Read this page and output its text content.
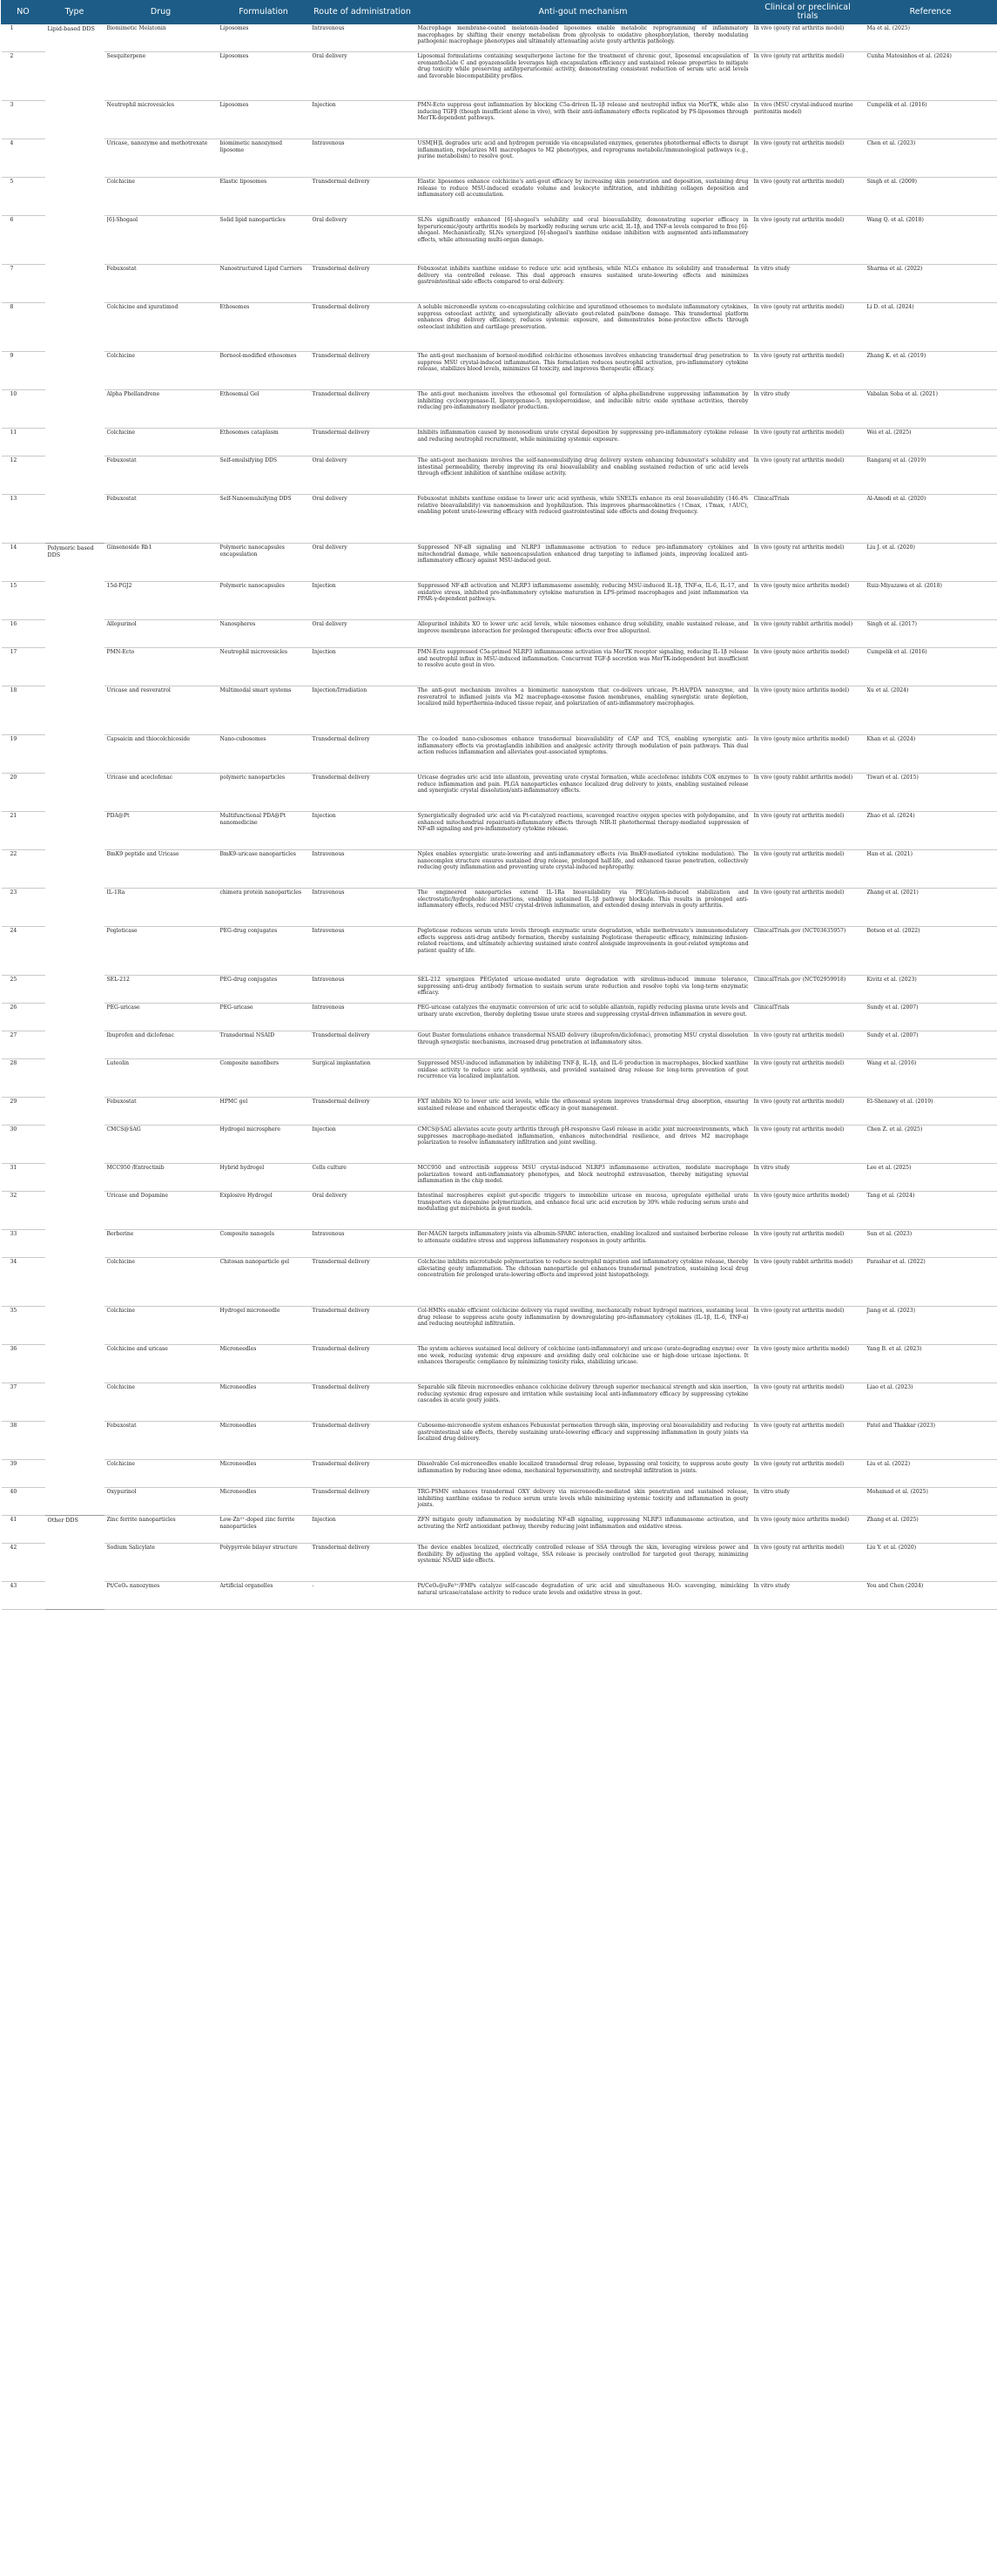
NO	Type	Drug	Formulation	Route of administration	Anti-gout mechanism	Clinical or preclinical trials	Reference
1	Lipid-based DDS	Biomimetic Melatonin	Liposomes	Intravenous	Macrophage membrane-coated melatonin-loaded liposomes enable metabolic reprogramming of inflammatory macrophages by shifting their energy metabolism from glycolysis to oxidative phosphorylation, thereby modulating pathogenic macrophage phenotypes and ultimately attenuating acute gouty arthritis pathology.	In vivo (gouty rat arthritis model)	Ma et al. (2025)
2		Sesquiterpene	Liposomes	Oral delivery	Liposomal formulations containing sesquiterpene lactone for the treatment of chronic gout, liposomal encapsulation of eremanthoLide C and goyazensolide leverages high encapsulation efficiency and sustained release properties to mitigate drug toxicity while preserving antihyperuricemic activity, demonstrating consistent reduction of serum uric acid levels and favorable biocompatibility profiles.	In vivo (gouty rat arthritis model)	Cunha Matosinhos et al. (2024)
3		Neutrophil microvesicles	Liposomes	Injection	PMN-Ecto suppress gout inflammation by blocking C5a-driven IL-1β release and neutrophil influx via MerTK, while also inducing TGFβ (though insufficient alone in vivo), with their anti-inflammatory effects replicated by PS-liposomes through MerTK-dependent pathways.	In vivo (MSU crystal-induced murine peritonitis model)	Cumpelik et al. (2016)
4		Uricase, nanozyme and methotrexate	biomimetic nanozymed liposome	Intravenous	USM[H]L degrades uric acid and hydrogen peroxide via encapsulated enzymes, generates photothermal effects to disrupt inflammation, repolarizes M1 macrophages to M2 phenotypes, and reprograms metabolic/immunological pathways (e.g., purine metabolism) to resolve gout.	In vivo (gouty rat arthritis model)	Chen et al. (2023)
5		Colchicine	Elastic liposomes	Transdermal delivery	Elastic liposomes enhance colchicine's anti-gout efficacy by increasing skin penetration and deposition, sustaining drug release to reduce MSU-induced exudate volume and leukocyte infiltration, and inhibiting collagen deposition and inflammatory cell accumulation.	In vivo (gouty rat arthritis model)	Singh et al. (2009)
6		[6]-Shogaol	Solid lipid nanoparticles	Oral delivery	SLNs significantly enhanced [6]-shogaol's solubility and oral bioavailability, demonstrating superior efficacy in hyperuricemic/gouty arthritis models by markedly reducing serum uric acid, IL-1β, and TNF-α levels compared to free [6]-shogaol. Mechanistically, SLNs synergized [6]-shogaol's xanthine oxidase inhibition with augmented anti-inflammatory effects, while attenuating multi-organ damage.	In vivo (gouty rat arthritis model)	Wang Q. et al. (2018)
7		Febuxostat	Nanostructured Lipid Carriers	Transdermal delivery	Febuxostat inhibits xanthine oxidase to reduce uric acid synthesis, while NLCs enhance its solubility and transdermal delivery via controlled release. This dual approach ensures sustained urate-lowering effects and minimizes gastrointestinal side effects compared to oral delivery.	In vitro study	Sharma et al. (2022)
8		Colchicine and iguratimod	Ethosomes	Transdermal delivery	A soluble microneedle system co-encapsulating colchicine and iguratimod ethosomes to modulate inflammatory cytokines, suppress osteoclast activity, and synergistically alleviate gout-related pain/bone damage. This transdermal platform enhances drug delivery efficiency, reduces systemic exposure, and demonstrates bone-protective effects through osteoclast inhibition and cartilage preservation.	In vivo (gouty rat arthritis model)	Li D. et al. (2024)
9		Colchicine	Borneol-modified ethosomes	Transdermal delivery	The anti-gout mechanism of borneol-modified colchicine ethosomes involves enhancing transdermal drug penetration to suppress MSU crystal-induced inflammation. This formulation reduces neutrophil activation, pro-inflammatory cytokine release, stabilizes blood levels, minimizes GI toxicity, and improves therapeutic efficacy.	In vivo (gouty rat arthritis model)	Zhang K. et al. (2019)
10		Alpha Phellandrene	Ethosomal Gel	Transdermal delivery	The anti-gout mechanism involves the ethosomal gel formulation of alpha-phellandrene suppressing inflammation by inhibiting cyclooxygenase-II, lipoxygenase-5, myeloperoxidase, and inducible nitric oxide synthase activities, thereby reducing pro-inflammatory mediator production.	In vitro study	Vabalan Soba et al. (2021)
11		Colchicine	Ethosomes cataplasm	Transdermal delivery	Inhibits inflammation caused by monosodium urate crystal deposition by suppressing pro-inflammatory cytokine release and reducing neutrophil recruitment, while minimizing systemic exposure.	In vivo (gouty rat arthritis model)	Wei et al. (2025)
12		Febuxostat	Self-emulsifying DDS	Oral delivery	The anti-gout mechanism involves the self-nanoemulsifying drug delivery system enhancing febuxostat's solubility and intestinal permeability, thereby improving its oral bioavailability and enabling sustained reduction of uric acid levels through efficient inhibition of xanthine oxidase activity.	In vivo (gouty rat arthritis model)	Rangaraj et al. (2019)
13		Febuxostat	Self-Nanoemulsifying DDS	Oral delivery	Febuxostat inhibits xanthine oxidase to lower uric acid synthesis, while SNELTs enhance its oral bioavailability (146.4% relative bioavailability) via nanoemulsion and lyophilization. This improves pharmacokinetics (↑Cmax, ↓Tmax, ↑AUC), enabling potent urate-lowering efficacy with reduced gastrointestinal side effects and dosing frequency.	ClinicalTrials	Al-Amodi et al. (2020)
14	Polymeric based DDS	Ginsenoside Rb1	Polymeric nanocapsules encapsulation	Oral delivery	Suppressed NF-κB signaling and NLRP3 inflammasome activation to reduce pro-inflammatory cytokines and mitochondrial damage, while nanoencapsulation enhanced drug targeting to inflamed joints, improving localized anti-inflammatory efficacy against MSU-induced gout.	In vivo (gouty rat arthritis model)	Liu J. et al. (2020)
15		15d-PGJ2	Polymeric nanocapsules	Injection	Suppressed NF-κB activation and NLRP3 inflammasome assembly, reducing MSU-induced IL-1β, TNF-α, IL-6, IL-17, and oxidative stress, inhibited pro-inflammatory cytokine maturation in LPS-primed macrophages and joint inflammation via PPAR-γ-dependent pathways.	In vivo (gouty mice arthritis model)	Ruiz-Miyazawa et al. (2018)
16		Allopurinol	Nanospheres	Oral delivery	Allopurinol inhibits XO to lower uric acid levels, while niosomes enhance drug solubility, enable sustained release, and improve membrane interaction for prolonged therapeutic effects over free allopurinol.	In vivo (gouty rabbit arthritis model)	Singh et al. (2017)
17		PMN-Ecto	Neutrophil microvesicles	Injection	PMN-Ecto suppressed C5a-primed NLRP3 inflammasome activation via MerTK receptor signaling, reducing IL-1β release and neutrophil influx in MSU-induced inflammation. Concurrent TGF-β secretion was MerTK-independent but insufficient to resolve acute gout in vivo.	In vivo (gouty mice arthritis model)	Cumpelik et al. (2016)
18		Uricase and resveratrol	Multimodal smart systems	Injection/Irradiation	The anti-gout mechanism involves a biomimetic nanosystem that co-delivers uricase, Pt-HA/PDA nanozyme, and resveratrol to inflamed joints via M2 macrophage-exosome fusion membranes, enabling synergistic urate depletion, localized mild hyperthermia-induced tissue repair, and polarization of anti-inflammatory macrophages.	In vivo (gouty mice arthritis model)	Xu et al. (2024)
19		Capsaicin and thiocolchicoside	Nano-cubosomes	Transdermal delivery	The co-loaded nano-cubosomes enhance transdermal bioavailability of CAP and TCS, enabling synergistic anti-inflammatory effects via prostaglandin inhibition and analgesic activity through modulation of pain pathways. This dual action reduces inflammation and alleviates gout-associated symptoms.	In vivo (gouty mice arthritis model)	Khan et al. (2024)
20		Uricase and aceclofenac	polymeric nanoparticles	Transdermal delivery	Uricase degrades uric acid into allantoin, preventing urate crystal formation, while aceclofenac inhibits COX enzymes to reduce inflammation and pain. PLGA nanoparticles enhance localized drug delivery to joints, enabling sustained release and synergistic crystal dissolution/anti-inflammatory effects.	In vivo (gouty rabbit arthritis model)	Tiwari et al. (2015)
21		PDA@Pt	Multifunctional PDA@Pt nanomedicine	Injection	Synergistically degraded uric acid via Pt-catalyzed reactions, scavenged reactive oxygen species with polydopamine, and enhanced mitochondrial repair/anti-inflammatory effects through NIR-II photothermal therapy-mediated suppression of NF-κB signaling and pro-inflammatory cytokine release.	In vivo (gouty rat arthritis model)	Zhao et al. (2024)
22		BmK9 peptide and Uricase	BmK9-uricase nanoparticles	Intravenous	Nplex enables synergistic urate-lowering and anti-inflammatory effects (via BmK9-mediated cytokine modulation). The nanocomplex structure ensures sustained drug release, prolonged half-life, and enhanced tissue penetration, collectively reducing gouty inflammation and preventing urate crystal-induced nephropathy.	In vivo (gouty rat arthritis model)	Han et al. (2021)
23		IL-1Ra	chimera protein nanoparticles	Intravenous	The engineered nanoparticles extend IL-1Ra bioavailability via PEGylation-induced stabilization and electrostatic/hydrophobic interactions, enabling sustained IL-1β pathway blockade. This results in prolonged anti-inflammatory effects, reduced MSU crystal-driven inflammation, and extended dosing intervals in gouty arthritis.	In vivo (gouty rat arthritis model)	Zhang et al. (2021)
24		Pegloticase	PEG-drug conjugates	Intravenous	Pegloticase reduces serum urate levels through enzymatic urate degradation, while methotrexate's immunomodulatory effects suppress anti-drug antibody formation, thereby sustaining Pegloticase therapeutic efficacy, minimizing infusion-related reactions, and ultimately achieving sustained urate control alongside improvements in gout-related symptoms and patient quality of life.	ClinicalTrials.gov (NCT03635957)	Botson et al. (2022)
25		SEL-212	PEG-drug conjugates	Intravenous	SEL-212 synergizes PEGylated uricase-mediated urate degradation with sirolimus-induced immune tolerance, suppressing anti-drug antibody formation to sustain serum urate reduction and resolve tophi via long-term enzymatic efficacy.	ClinicalTrials.gov (NCT02959918)	Kivitz et al. (2023)
26		PEG-uricase	PEG-uricase	Intravenous	PEG-uricase catalyzes the enzymatic conversion of uric acid to soluble allantoin, rapidly reducing plasma urate levels and urinary urate excretion, thereby depleting tissue urate stores and suppressing crystal-driven inflammation in severe gout.	ClinicalTrials	Sundy et al. (2007)
27		Ibuprofen and diclofenac	Transdermal NSAID	Transdermal delivery	Gout Buster formulations enhance transdermal NSAID delivery (ibuprofen/diclofenac), promoting MSU crystal dissolution through synergistic mechanisms, increased drug penetration at inflammatory sites.	In vivo (gouty rat arthritis model)	Sundy et al. (2007)
28		Luteolin	Composite nanofibers	Surgical implantation	Suppressed MSU-induced inflammation by inhibiting TNF-β, IL-1β, and IL-6 production in macrophages, blocked xanthine oxidase activity to reduce uric acid synthesis, and provided sustained drug release for long-term prevention of gout recurrence via localized implantation.	In vivo (gouty rat arthritis model)	Wang et al. (2016)
29		Febuxostat	HPMC gel	Transdermal delivery	FXT inhibits XO to lower uric acid levels, while the ethosomal system improves transdermal drug absorption, ensuring sustained release and enhanced therapeutic efficacy in gout management.	In vivo (gouty rat arthritis model)	El-Shenawy et al. (2019)
30		CMCS@SAG	Hydrogel microsphere	Injection	CMCS@SAG alleviates acute gouty arthritis through pH-responsive Gas6 release in acidic joint microenvironments, which suppresses macrophage-mediated inflammation, enhances mitochondrial resilience, and drives M2 macrophage polarization to resolve inflammatory infiltration and joint swelling.	In vivo (gouty rat arthritis model)	Chen Z. et al. (2025)
31		MCC950 /Entrectinib	Hybrid hydrogel	Cells culture	MCC950 and entrectinib suppress MSU crystal-induced NLRP3 inflammasome activation, modulate macrophage polarization toward anti-inflammatory phenotypes, and block neutrophil extravasation, thereby mitigating synovial inflammation in the chip model.	In vitro study	Lee et al. (2025)
32		Uricase and Dopamine	Explosive Hydrogel	Oral delivery	Intestinal microspheres exploit gut-specific triggers to immobilize uricase on mucosa, upregulate epithelial urate transporters via dopamine polymerization, and enhance fecal uric acid excretion by 30% while reducing serum urate and modulating gut microbiota in gout models.	In vivo (gouty mice arthritis model)	Tang et al. (2024)
33		Berberine	Composite nanogels	Intravenous	Ber-MAGN targets inflammatory joints via albumin-SPARC interaction, enabling localized and sustained berberine release to attenuate oxidative stress and suppress inflammatory responses in gouty arthritis.	In vivo (gouty rat arthritis model)	Sun et al. (2023)
34		Colchicine	Chitosan nanoparticle gel	Transdermal delivery	Colchicine inhibits microtubule polymerization to reduce neutrophil migration and inflammatory cytokine release, thereby alleviating gouty inflammation. The chitosan nanoparticle gel enhances transdermal penetration, sustaining local drug concentration for prolonged urate-lowering effects and improved joint histopathology.	In vivo (gouty rabbit arthritis model)	Parashar et al. (2022)
35		Colchicine	Hydrogel microneedle	Transdermal delivery	Col-HMNs enable efficient colchicine delivery via rapid swelling, mechanically robust hydrogel matrices, sustaining local drug release to suppress acute gouty inflammation by downregulating pro-inflammatory cytokines (IL-1β, IL-6, TNF-α) and reducing neutrophil infiltration.	In vivo (gouty rat arthritis model)	Jiang et al. (2023)
36		Colchicine and uricase	Microneedles	Transdermal delivery	The system achieves sustained local delivery of colchicine (anti-inflammatory) and uricase (urate-degrading enzyme) over one week, reducing systemic drug exposure and avoiding daily oral colchicine use or high-dose uricase injections. It enhances therapeutic compliance by minimizing toxicity risks, stabilizing uricase.	In vivo (gouty mice arthritis model)	Yang B. et al. (2023)
37		Colchicine	Microneedles	Transdermal delivery	Separable silk fibroin microneedles enhance colchicine delivery through superior mechanical strength and skin insertion, reducing systemic drug exposure and irritation while sustaining local anti-inflammatory efficacy by suppressing cytokine cascades in acute gouty joints.	In vivo (gouty rat arthritis model)	Liao et al. (2023)
38		Febuxostat	Microneedles	Transdermal delivery	Cubosome-microneedle system enhances Febuxostat permeation through skin, improving oral bioavailability and reducing gastrointestinal side effects, thereby sustaining urate-lowering efficacy and suppressing inflammation in gouty joints via localized drug delivery.	In vivo (gouty rat arthritis model)	Patel and Thakkar (2023)
39		Colchicine	Microneedles	Transdermal delivery	Dissolvable Col-microneedles enable localized transdermal drug release, bypassing oral toxicity, to suppress acute gouty inflammation by reducing knee edema, mechanical hypersensitivity, and neutrophil infiltration in joints.	In vivo (gouty rat arthritis model)	Liu et al. (2022)
40		Oxypurinol	Microneedles	Transdermal delivery	TRG-PSMN enhances transdermal OXY delivery via microneedle-mediated skin penetration and sustained release, inhibiting xanthine oxidase to reduce serum urate levels while minimizing systemic toxicity and inflammation in gouty joints.	In vitro study	Mohamad et al. (2025)
41	Other DDS	Zinc ferrite nanoparticles	Low-Zn²⁺-doped zinc ferrite nanoparticles	Injection	ZFN mitigate gouty inflammation by modulating NF-κB signaling, suppressing NLRP3 inflammasome activation, and activating the Nrf2 antioxidant pathway, thereby reducing joint inflammation and oxidative stress.	In vivo (gouty mice arthritis model)	Zhang et al. (2025)
42		Sodium Salicylate	Polypyrrole bilayer structure	Transdermal delivery	The device enables localized, electrically controlled release of SSA through the skin, leveraging wireless power and flexibility. By adjusting the applied voltage, SSA release is precisely controlled for targeted gout therapy, minimizing systemic NSAID side effects.	In vivo (gouty rat arthritis model)	Liu Y. et al. (2020)
43		Pt/CeOₓ nanozymes	Artificial organelles	-	Pt/CeOₓ@uFe³⁺/FMPs catalyze self-cascade degradation of uric acid and simultaneous H₂O₂ scavenging, mimicking natural uricase/catalase activity to reduce urate levels and oxidative stress in gout.	In vitro study	You and Chen (2024)
